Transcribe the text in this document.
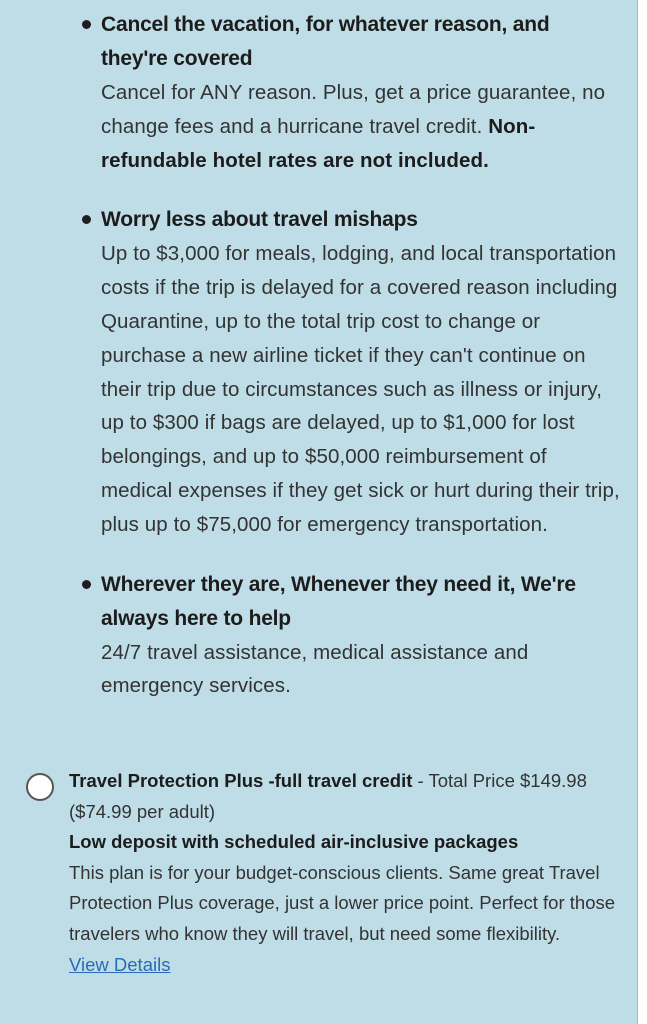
Cancel the vacation, for whatever reason, and they're covered
Cancel for ANY reason. Plus, get a price guarantee, no change fees and a hurricane travel credit. Non-refundable hotel rates are not included.
Worry less about travel mishaps
Up to $3,000 for meals, lodging, and local transportation costs if the trip is delayed for a covered reason including Quarantine, up to the total trip cost to change or purchase a new airline ticket if they can't continue on their trip due to circumstances such as illness or injury, up to $300 if bags are delayed, up to $1,000 for lost belongings, and up to $50,000 reimbursement of medical expenses if they get sick or hurt during their trip, plus up to $75,000 for emergency transportation.
Wherever they are, Whenever they need it, We're always here to help
24/7 travel assistance, medical assistance and emergency services.
Travel Protection Plus -full travel credit - Total Price $149.98 ($74.99 per adult)
Low deposit with scheduled air-inclusive packages
This plan is for your budget-conscious clients. Same great Travel Protection Plus coverage, just a lower price point. Perfect for those travelers who know they will travel, but need some flexibility.
View Details
